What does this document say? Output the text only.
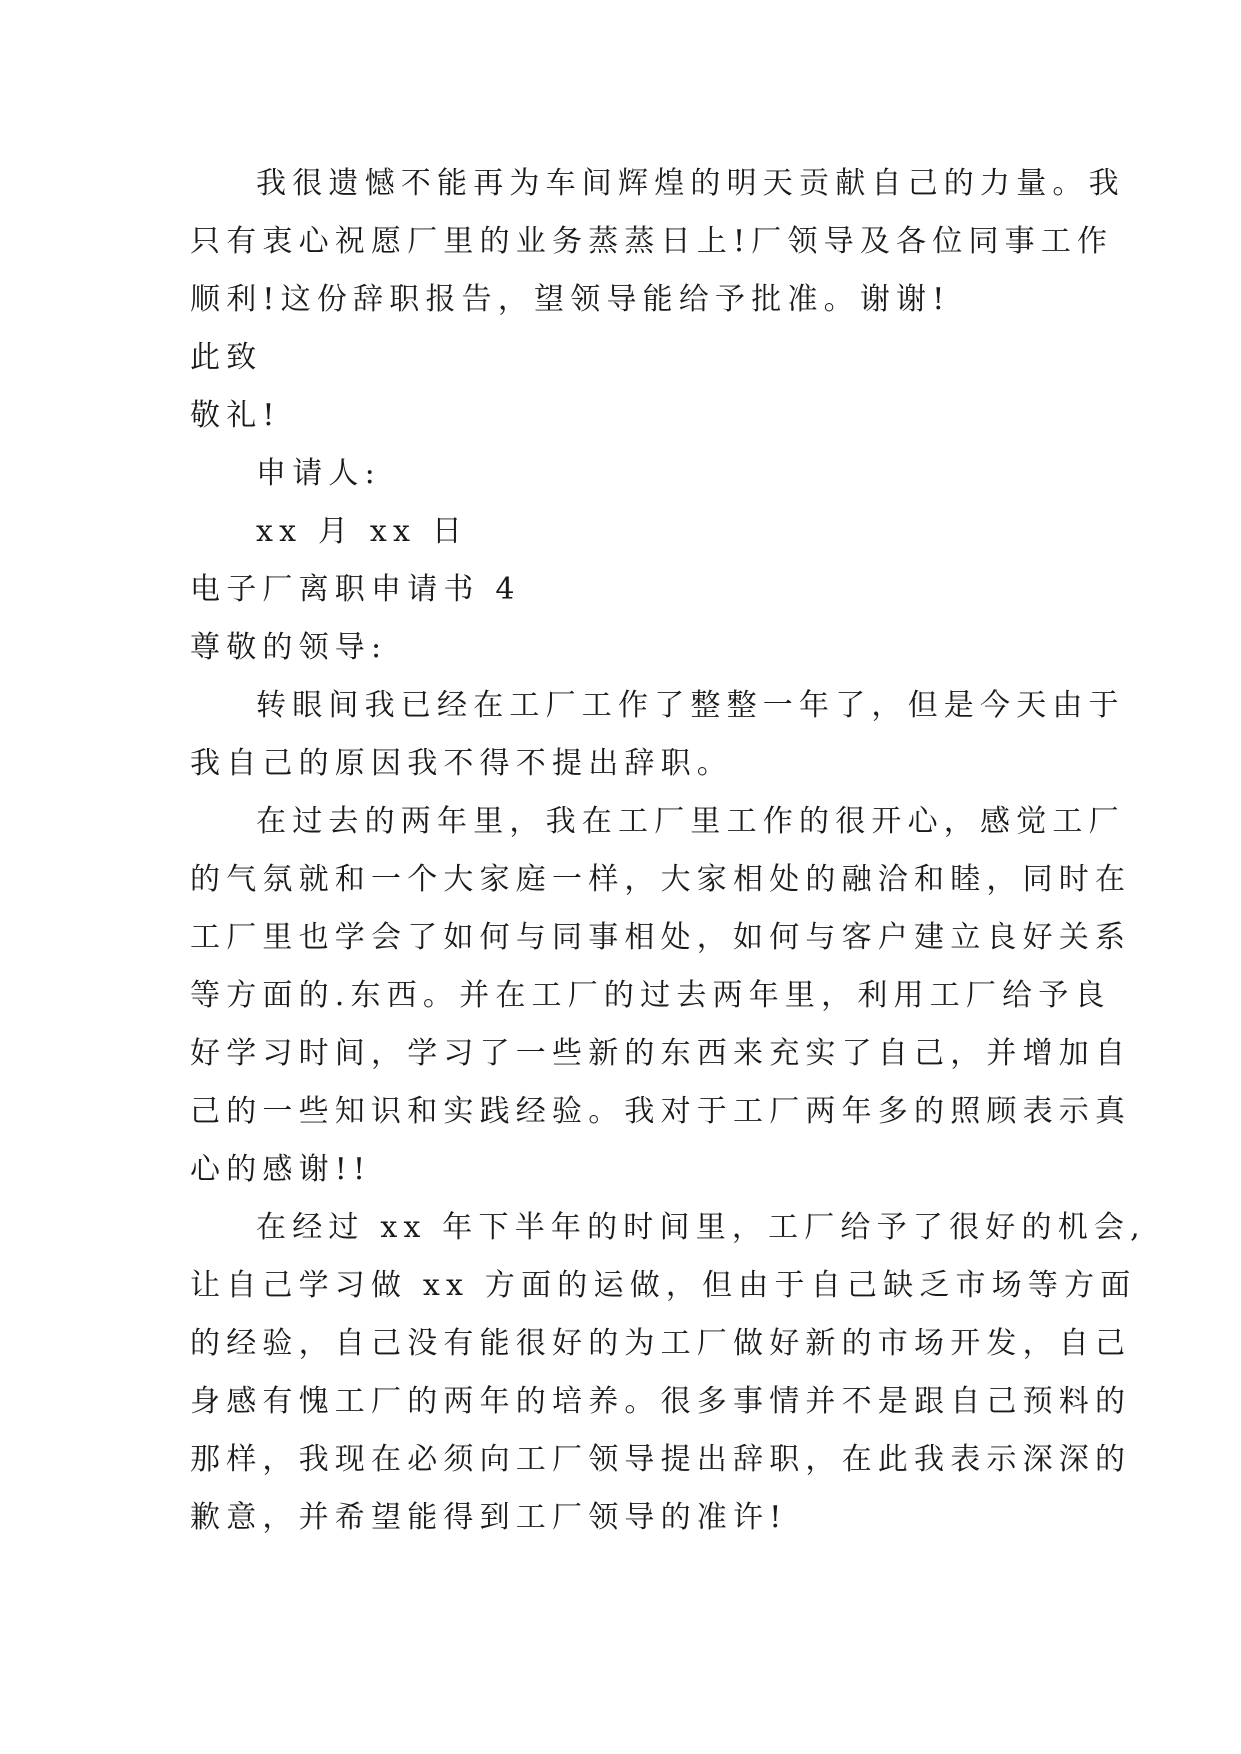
我很遗憾不能再为车间辉煌的明天贡献自己的力量。我
只有衷心祝愿厂里的业务蒸蒸日上!厂领导及各位同事工作
顺利!这份辞职报告，望领导能给予批准。谢谢!
此致
敬礼!
申请人:
xx 月 xx 日
电子厂离职申请书 4
尊敬的领导:
转眼间我已经在工厂工作了整整一年了，但是今天由于
我自己的原因我不得不提出辞职。
在过去的两年里，我在工厂里工作的很开心，感觉工厂
的气氛就和一个大家庭一样，大家相处的融洽和睦，同时在
工厂里也学会了如何与同事相处，如何与客户建立良好关系
等方面的.东西。并在工厂的过去两年里，利用工厂给予良
好学习时间，学习了一些新的东西来充实了自己，并增加自
己的一些知识和实践经验。我对于工厂两年多的照顾表示真
心的感谢!!
在经过 xx 年下半年的时间里，工厂给予了很好的机会,
让自己学习做 xx 方面的运做，但由于自己缺乏市场等方面
的经验，自己没有能很好的为工厂做好新的市场开发，自己
身感有愧工厂的两年的培养。很多事情并不是跟自己预料的
那样，我现在必须向工厂领导提出辞职，在此我表示深深的
歉意，并希望能得到工厂领导的准许!
